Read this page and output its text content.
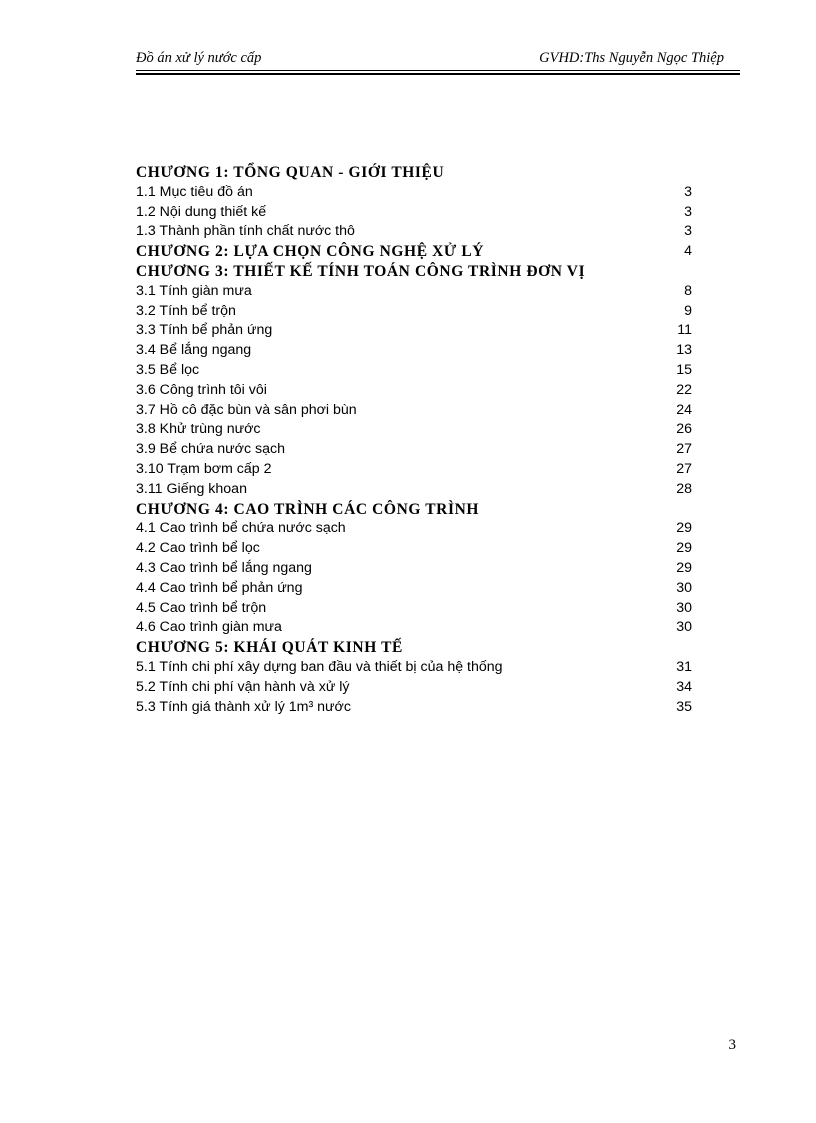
Đồ án xử lý nước cấp	GVHD:Ths Nguyễn Ngọc Thiệp
CHƯƠNG 1: TỔNG QUAN - GIỚI THIỆU
1.1 Mục tiêu đồ án	3
1.2 Nội dung thiết kế	3
1.3 Thành phần tính chất nước thô	3
CHƯƠNG 2: LỰA CHỌN CÔNG NGHỆ XỬ LÝ	4
CHƯƠNG 3: THIẾT KẾ TÍNH TOÁN CÔNG TRÌNH ĐƠN VỊ
3.1 Tính giàn mưa	8
3.2 Tính bể trộn	9
3.3 Tính bể phản ứng	11
3.4 Bể lắng ngang	13
3.5 Bể lọc	15
3.6 Công trình tôi vôi	22
3.7 Hồ cô đặc bùn và sân phơi bùn	24
3.8 Khử trùng nước	26
3.9 Bể chứa nước sạch	27
3.10 Trạm bơm cấp 2	27
3.11 Giếng khoan	28
CHƯƠNG 4: CAO TRÌNH CÁC CÔNG TRÌNH
4.1 Cao trình bể chứa nước sạch	29
4.2 Cao trình bể lọc	29
4.3 Cao trình bể lắng ngang	29
4.4 Cao trình bể phản ứng	30
4.5 Cao trình bể trộn	30
4.6 Cao trình giàn mưa	30
CHƯƠNG 5: KHÁI QUÁT KINH TẾ
5.1 Tính chi phí xây dựng ban đầu và thiết bị của hệ thống	31
5.2 Tính chi phí vận hành và xử lý	34
5.3 Tính giá thành xử lý 1m³ nước	35
3
